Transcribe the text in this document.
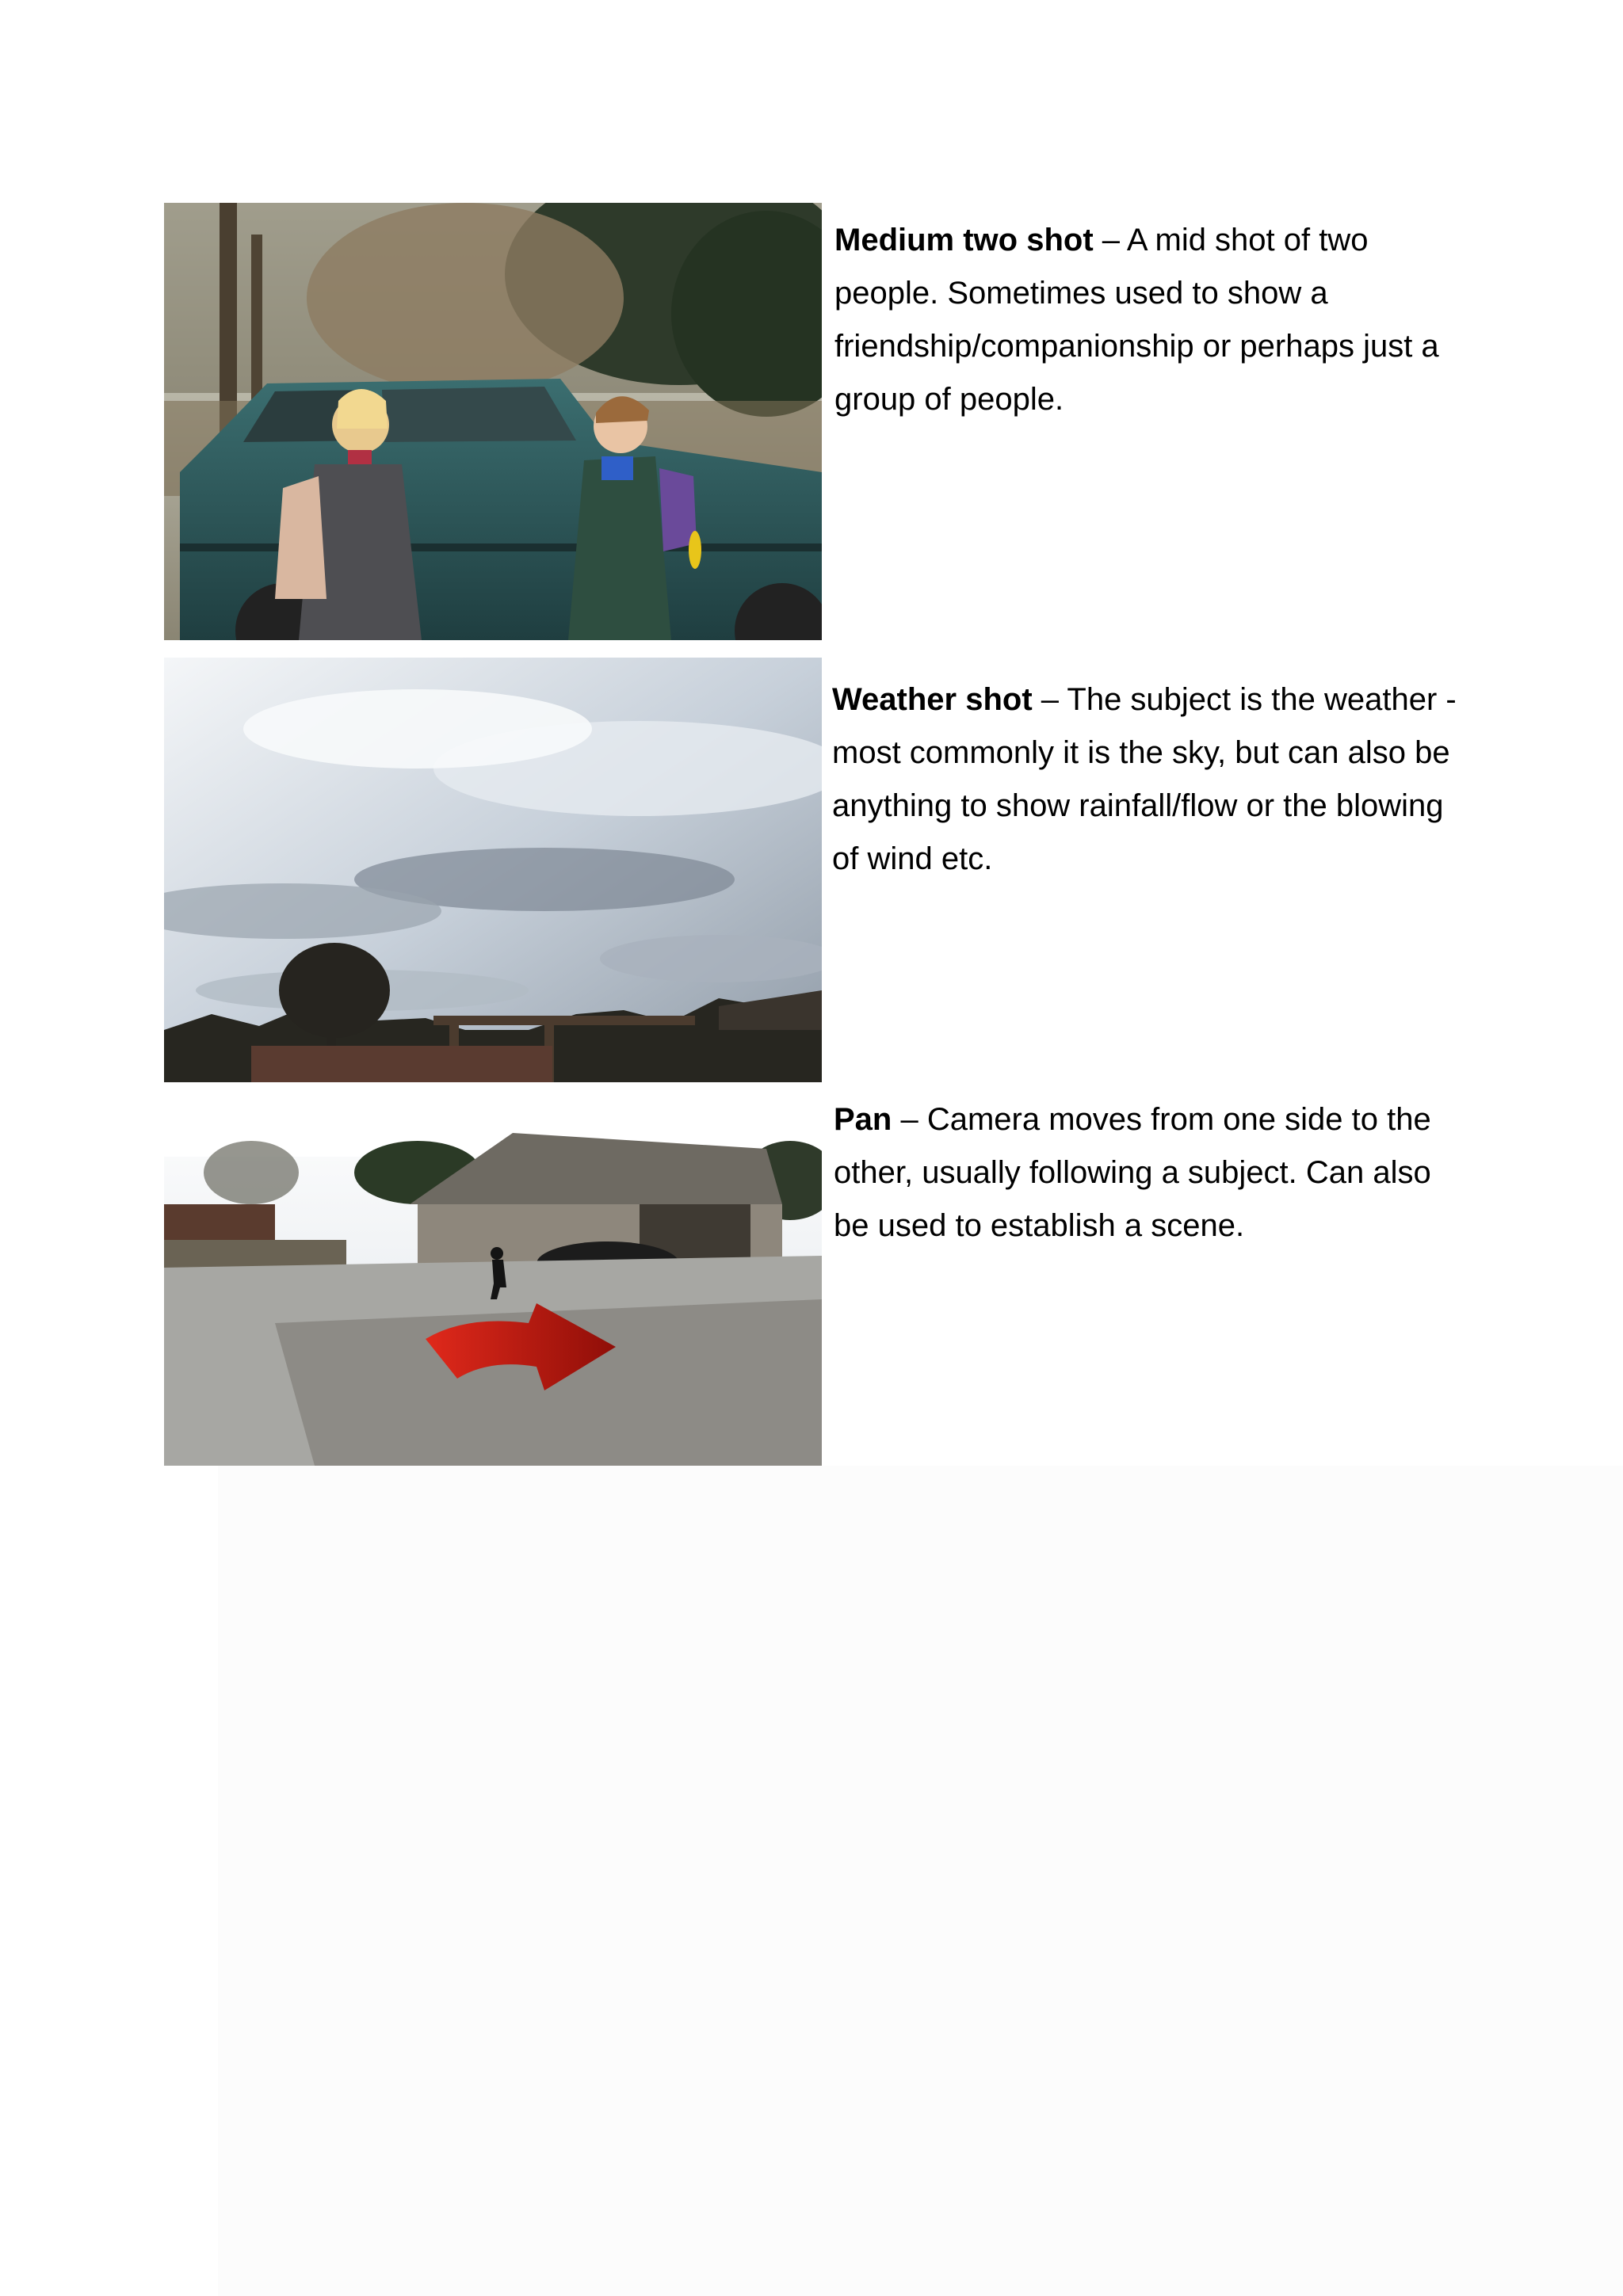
Medium two shot – A mid shot of two people. Sometimes used to show a friendship/companionship or perhaps just a group of people.
Weather shot – The subject is the weather - most commonly it is the sky, but can also be anything to show rainfall/flow or the blowing of wind etc.
Pan – Camera moves from one side to the other, usually following a subject. Can also be used to establish a scene.
